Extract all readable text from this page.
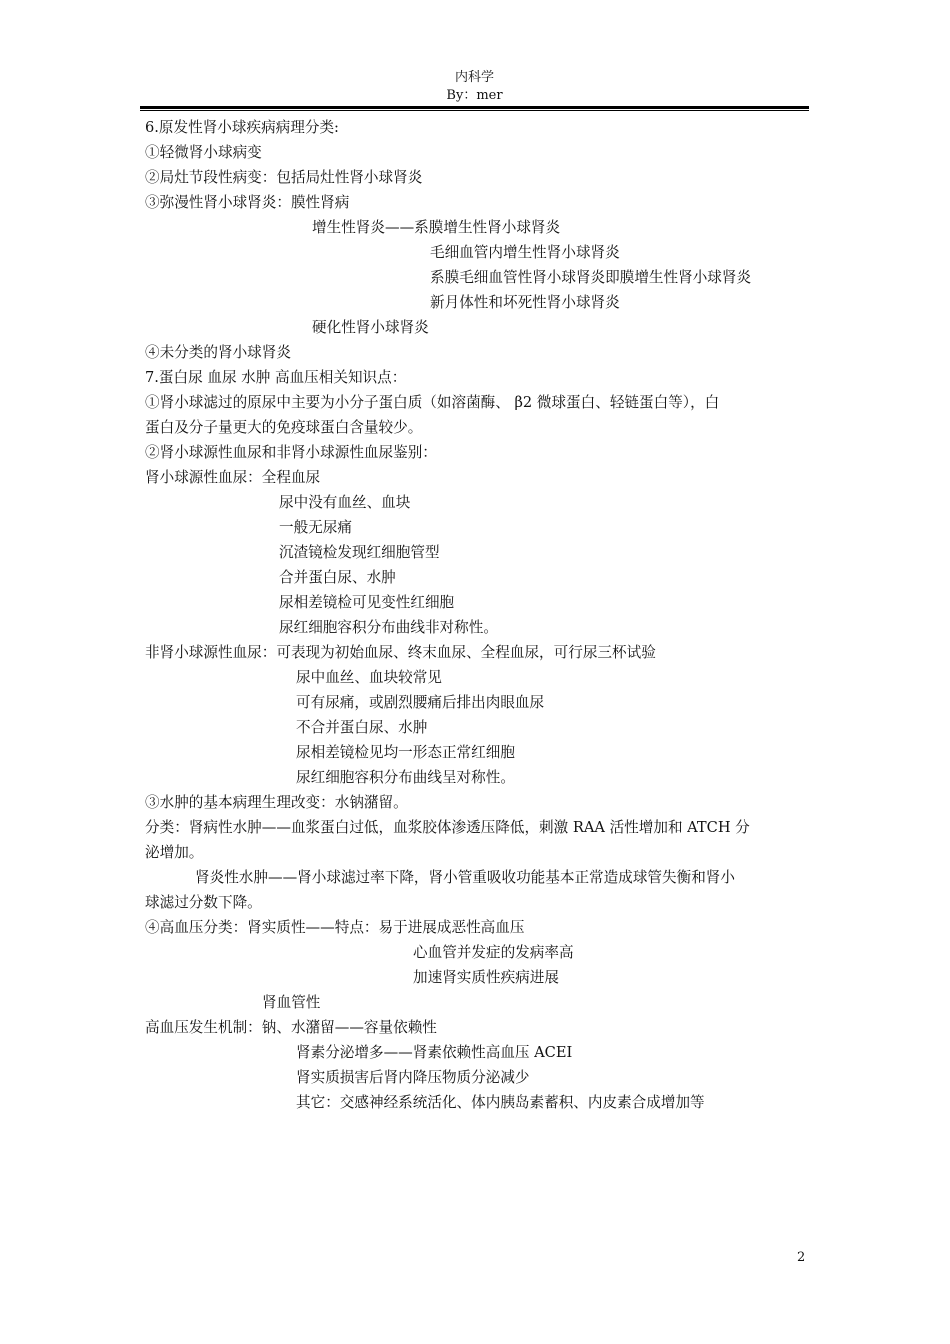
内科学
By：mer
6.原发性肾小球疾病病理分类:
①轻微肾小球病变
②局灶节段性病变：包括局灶性肾小球肾炎
③弥漫性肾小球肾炎：膜性肾病
增生性肾炎——系膜增生性肾小球肾炎
毛细血管内增生性肾小球肾炎
系膜毛细血管性肾小球肾炎即膜增生性肾小球肾炎
新月体性和坏死性肾小球肾炎
硬化性肾小球肾炎
④未分类的肾小球肾炎
7.蛋白尿 血尿 水肿 高血压相关知识点：
①肾小球滤过的原尿中主要为小分子蛋白质（如溶菌酶、 β2 微球蛋白、轻链蛋白等），白
蛋白及分子量更大的免疫球蛋白含量较少。
②肾小球源性血尿和非肾小球源性血尿鉴别：
肾小球源性血尿：全程血尿
尿中没有血丝、血块
一般无尿痛
沉渣镜检发现红细胞管型
合并蛋白尿、水肿
尿相差镜检可见变性红细胞
尿红细胞容积分布曲线非对称性。
非肾小球源性血尿：可表现为初始血尿、终末血尿、全程血尿，可行尿三杯试验
尿中血丝、血块较常见
可有尿痛，或剧烈腰痛后排出肉眼血尿
不合并蛋白尿、水肿
尿相差镜检见均一形态正常红细胞
尿红细胞容积分布曲线呈对称性。
③水肿的基本病理生理改变：水钠潴留。
分类：肾病性水肿——血浆蛋白过低，血浆胶体渗透压降低，刺激 RAA 活性增加和 ATCH 分
泌增加。
肾炎性水肿——肾小球滤过率下降，肾小管重吸收功能基本正常造成球管失衡和肾小
球滤过分数下降。
④高血压分类：肾实质性——特点：易于进展成恶性高血压
心血管并发症的发病率高
加速肾实质性疾病进展
肾血管性
高血压发生机制：钠、水潴留——容量依赖性
肾素分泌增多——肾素依赖性高血压 ACEI
肾实质损害后肾内降压物质分泌减少
其它：交感神经系统活化、体内胰岛素蓄积、内皮素合成增加等
2
